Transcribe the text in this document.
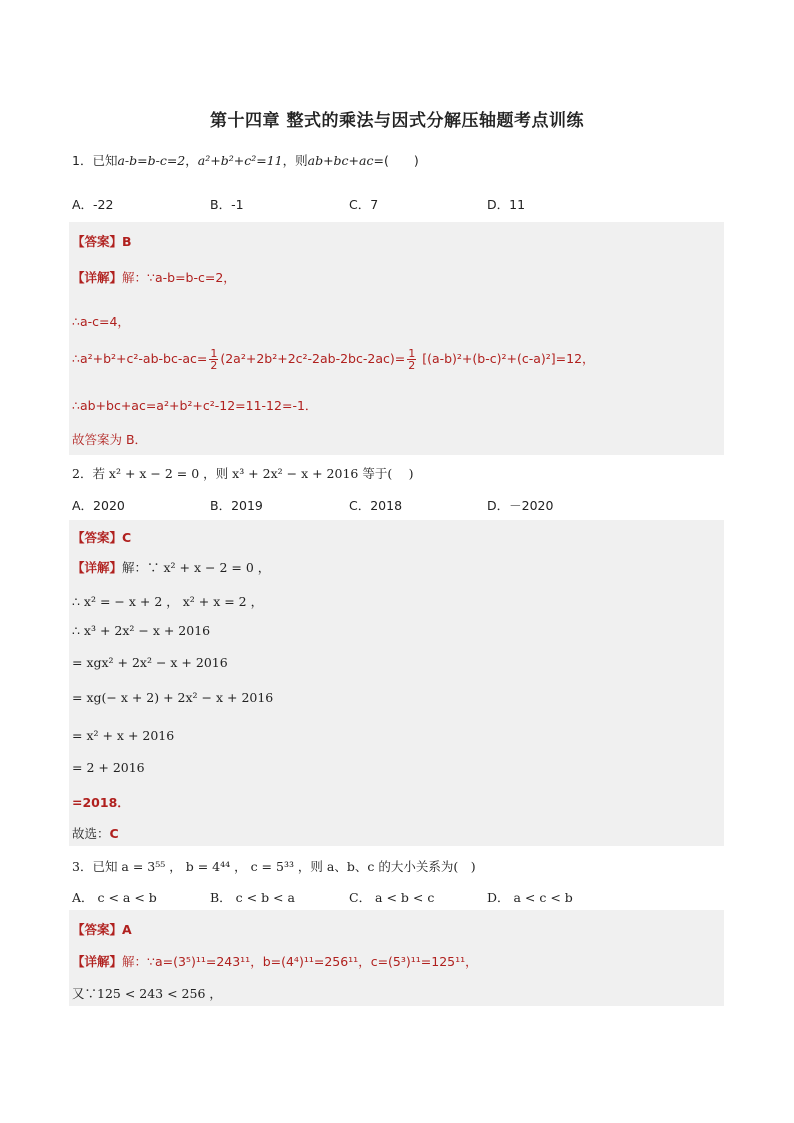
第十四章 整式的乘法与因式分解压轴题考点训练
1．已知a-b=b-c=2，a²+b²+c²=11，则ab+bc+ac=(　　)
A．-22	B．-1	C．7	D．11
【答案】B
【详解】解：∵a-b=b-c=2，
∴a-c=4，
∴a²+b²+c²-ab-bc-ac= $\frac{1}{2} (2a^2+2b^2+2c^2-2ab-2bc-2ac)= \frac{1}{2} [(a-b)^2+(b-c)^2+(c-a)^2]=12$，
∴ab+bc+ac=a²+b²+c²-12=11-12=-1．
故答案为 B．
2．若 x² + x − 2 = 0 ，则 x³ + 2x² − x + 2016 等于(　 )
A．2020	B．2019	C．2018	D．－2020
【答案】C
【详解】解：∵ x² + x − 2 = 0 ，
∴ x² = − x + 2 ， x² + x = 2 ，
∴ x³ + 2x² − x + 2016
= xgx² + 2x² − x + 2016
= xg(− x + 2) + 2x² − x + 2016
= x² + x + 2016
= 2 + 2016
=2018．
故选：C
3．已知 a = 3⁵⁵ ， b = 4⁴⁴ ， c = 5³³ ，则 a、b、c 的大小关系为(　)
A． c < a < b	B． c < b < a	C． a < b < c	D． a < c < b
【答案】A
【详解】解：∵a=(3⁵)¹¹=243¹¹，b=(4⁴)¹¹=256¹¹，c=(5³)¹¹=125¹¹，
又∵125 < 243 < 256 ，
